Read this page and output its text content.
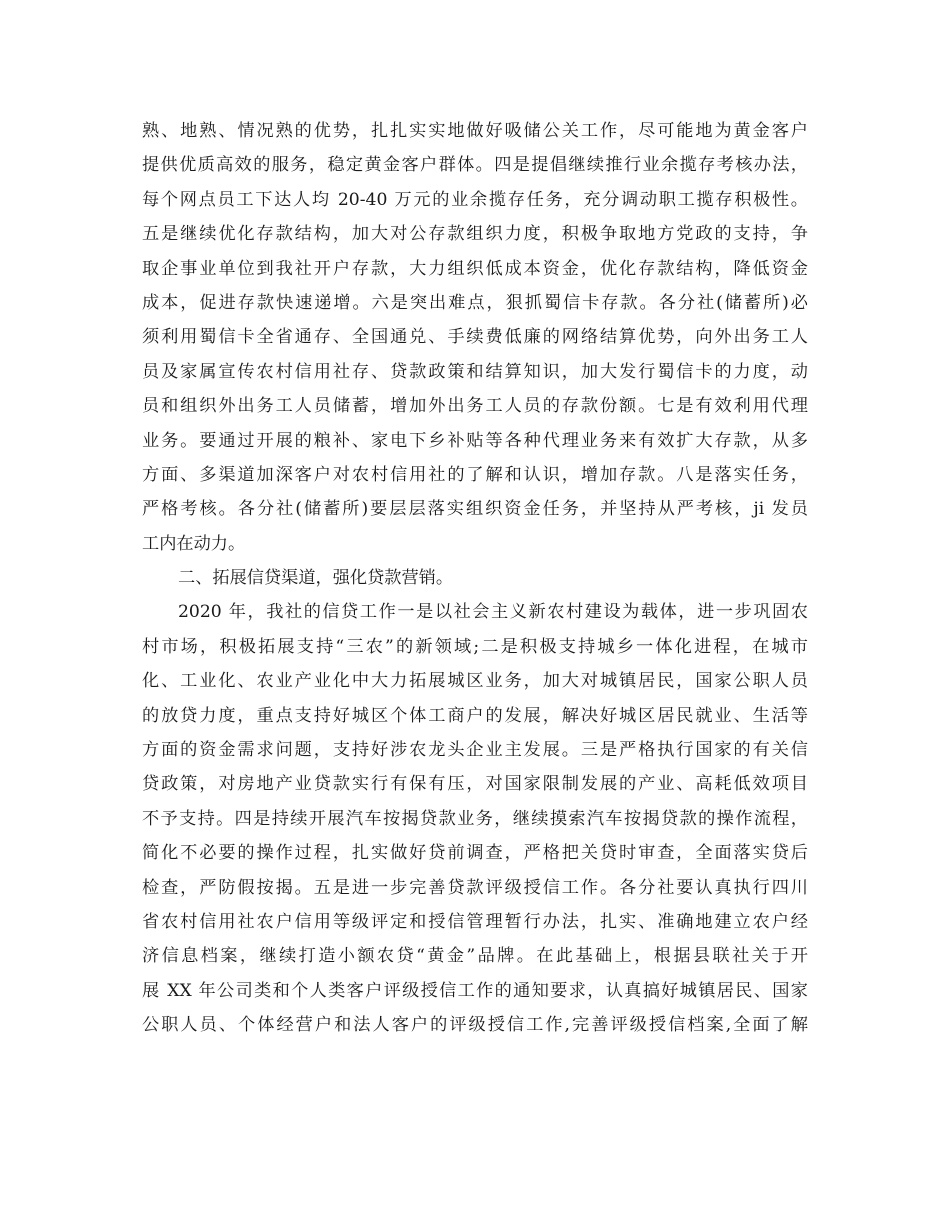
熟、地熟、情况熟的优势，扎扎实实地做好吸储公关工作，尽可能地为黄金客户
提供优质高效的服务，稳定黄金客户群体。四是提倡继续推行业余揽存考核办法，
每个网点员工下达人均 20-40 万元的业余揽存任务，充分调动职工揽存积极性。
五是继续优化存款结构，加大对公存款组织力度，积极争取地方党政的支持，争
取企事业单位到我社开户存款，大力组织低成本资金，优化存款结构，降低资金
成本，促进存款快速递增。六是突出难点，狠抓蜀信卡存款。各分社(储蓄所)必
须利用蜀信卡全省通存、全国通兑、手续费低廉的网络结算优势，向外出务工人
员及家属宣传农村信用社存、贷款政策和结算知识，加大发行蜀信卡的力度，动
员和组织外出务工人员储蓄，增加外出务工人员的存款份额。七是有效利用代理
业务。要通过开展的粮补、家电下乡补贴等各种代理业务来有效扩大存款，从多
方面、多渠道加深客户对农村信用社的了解和认识，增加存款。八是落实任务，
严格考核。各分社(储蓄所)要层层落实组织资金任务，并坚持从严考核，ji 发员
工内在动力。
二、拓展信贷渠道，强化贷款营销。
2020 年，我社的信贷工作一是以社会主义新农村建设为载体，进一步巩固农
村市场，积极拓展支持“三农”的新领域;二是积极支持城乡一体化进程，在城市
化、工业化、农业产业化中大力拓展城区业务，加大对城镇居民，国家公职人员
的放贷力度，重点支持好城区个体工商户的发展，解决好城区居民就业、生活等
方面的资金需求问题，支持好涉农龙头企业主发展。三是严格执行国家的有关信
贷政策，对房地产业贷款实行有保有压，对国家限制发展的产业、高耗低效项目
不予支持。四是持续开展汽车按揭贷款业务，继续摸索汽车按揭贷款的操作流程，
简化不必要的操作过程，扎实做好贷前调查，严格把关贷时审查，全面落实贷后
检查，严防假按揭。五是进一步完善贷款评级授信工作。各分社要认真执行四川
省农村信用社农户信用等级评定和授信管理暂行办法，扎实、准确地建立农户经
济信息档案，继续打造小额农贷“黄金”品牌。在此基础上，根据县联社关于开
展 XX 年公司类和个人类客户评级授信工作的通知要求，认真搞好城镇居民、国家
公职人员、个体经营户和法人客户的评级授信工作,完善评级授信档案,全面了解
